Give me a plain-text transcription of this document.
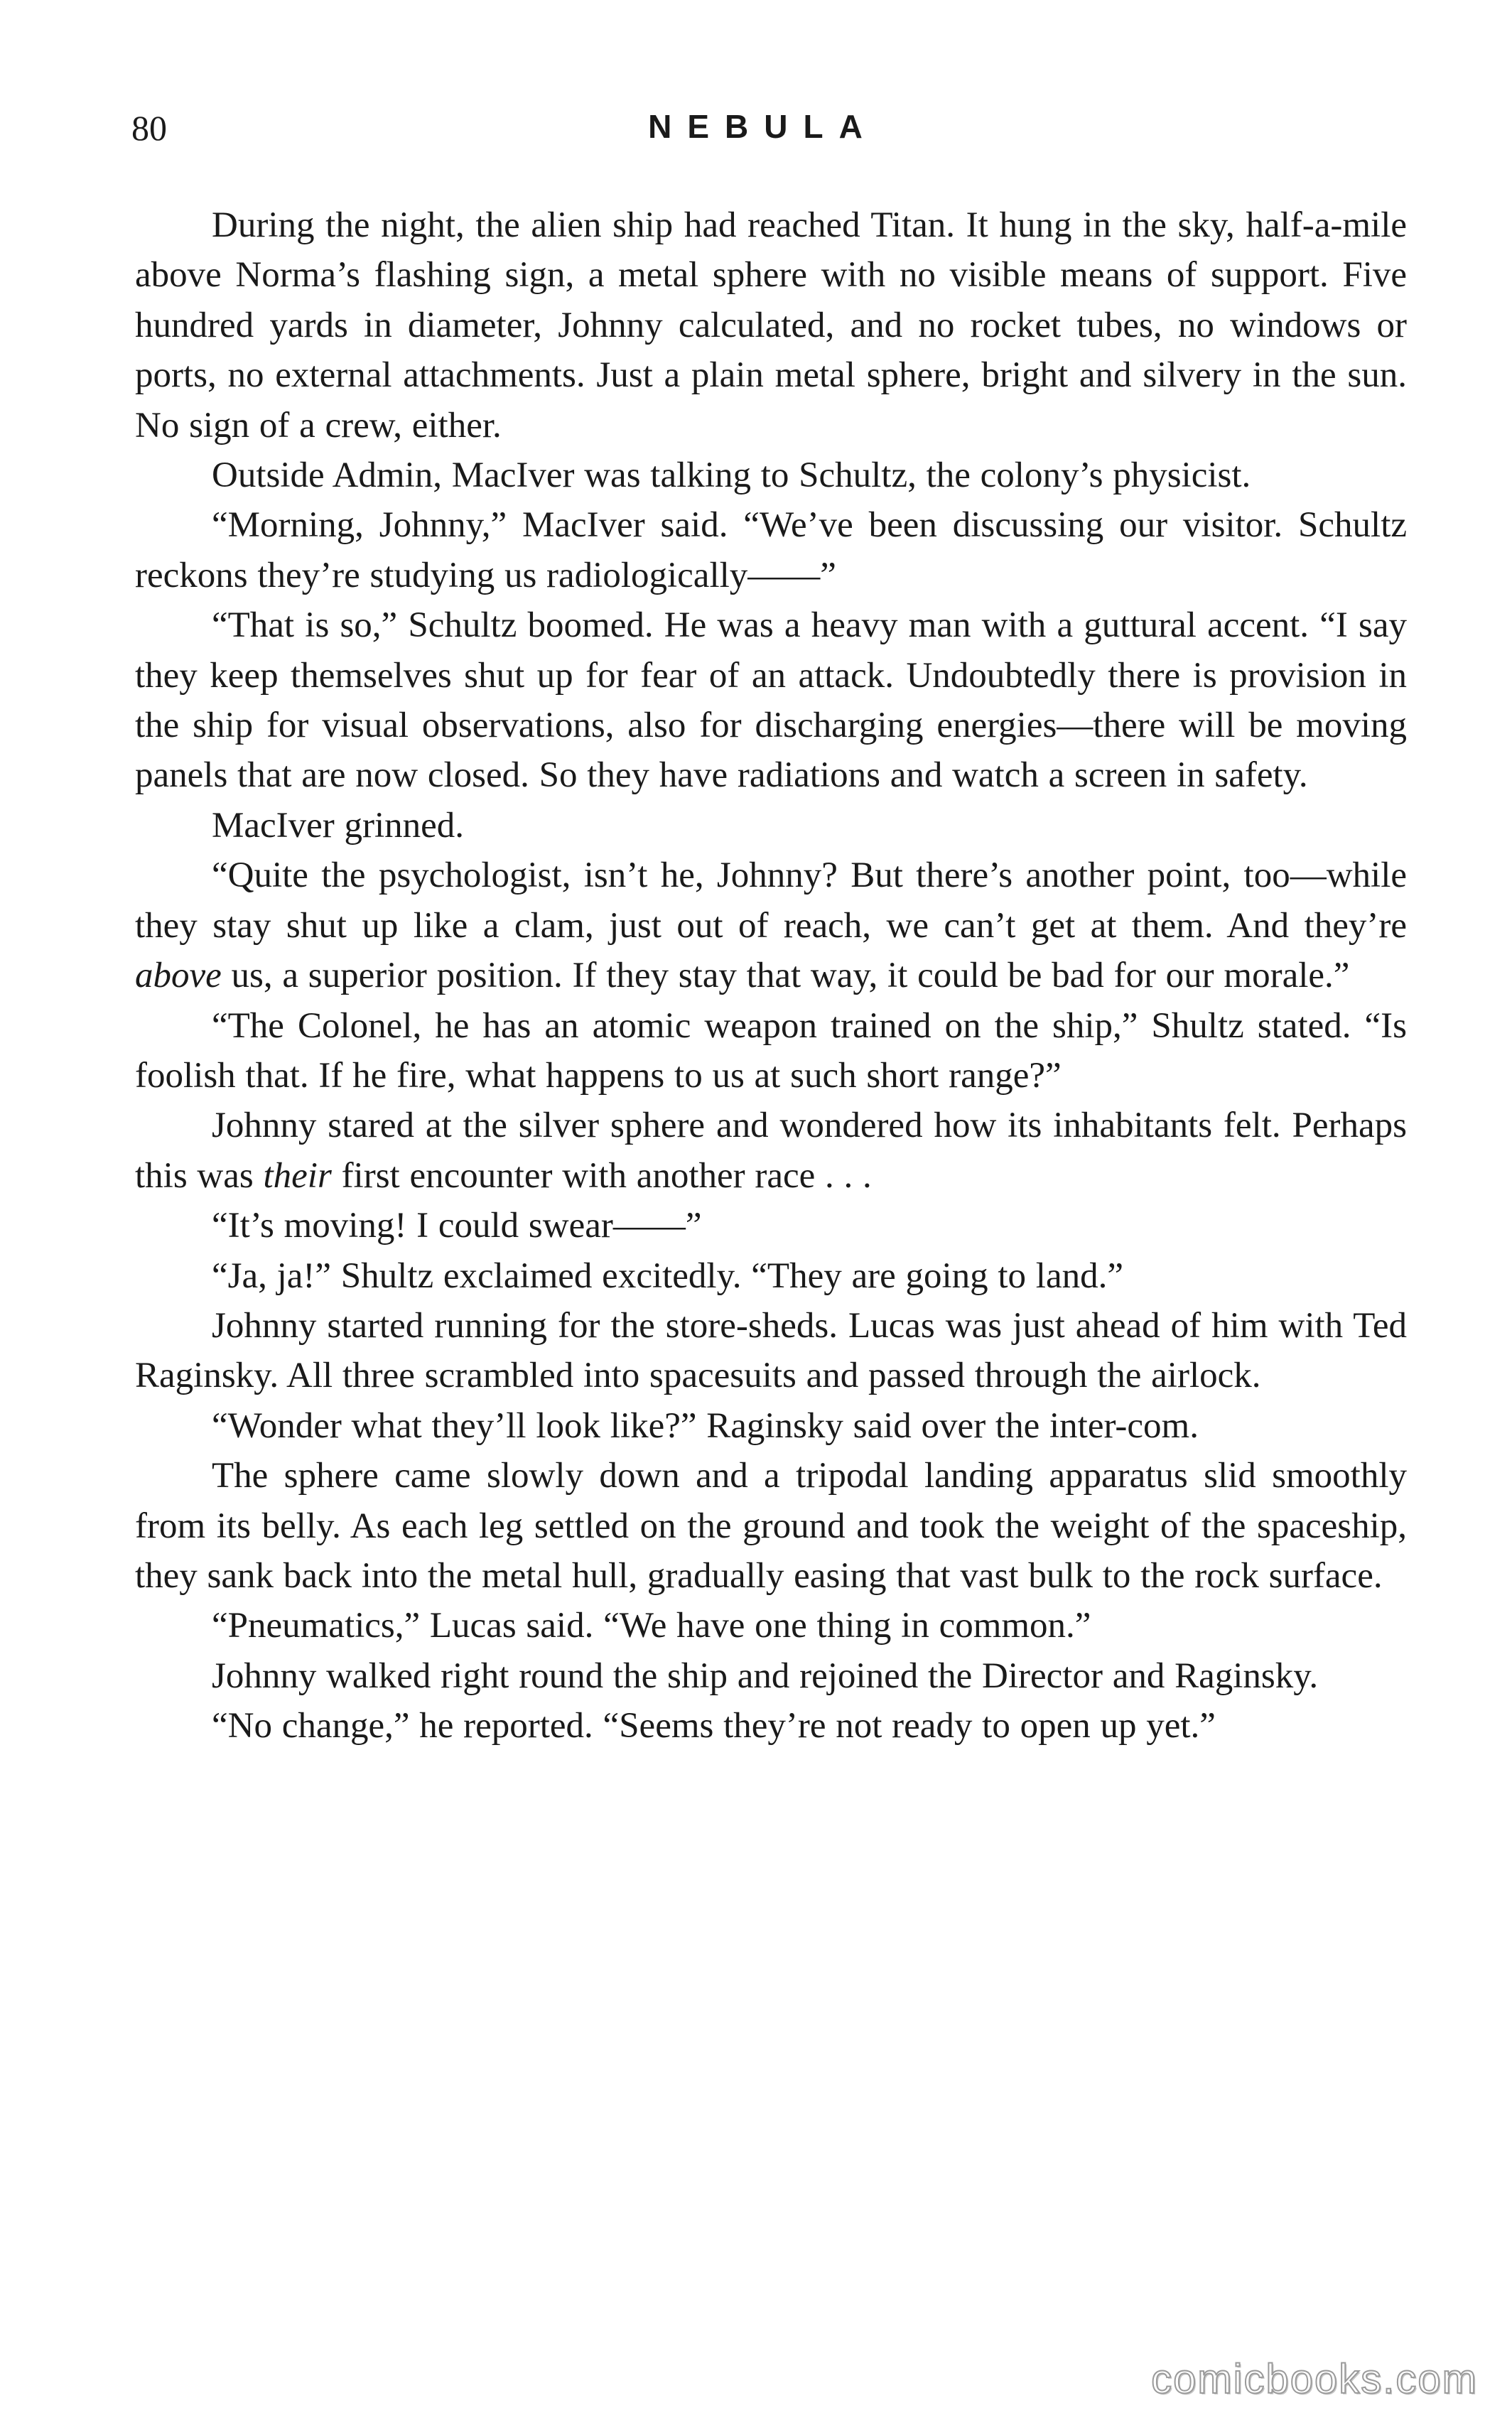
80	NEBULA

During the night, the alien ship had reached Titan. It hung in the sky, half-a-mile above Norma’s flashing sign, a metal sphere with no visible means of support. Five hundred yards in diameter, Johnny calculated, and no rocket tubes, no windows or ports, no external attachments. Just a plain metal sphere, bright and silvery in the sun. No sign of a crew, either.

Outside Admin, MacIver was talking to Schultz, the colony’s physicist.

“Morning, Johnny,” MacIver said. “We’ve been discussing our visitor. Schultz reckons they’re studying us radiologically——”

“That is so,” Schultz boomed. He was a heavy man with a guttural accent. “I say they keep themselves shut up for fear of an attack. Undoubtedly there is provision in the ship for visual observations, also for discharging energies—there will be moving panels that are now closed. So they have radiations and watch a screen in safety.

MacIver grinned.

“Quite the psychologist, isn’t he, Johnny? But there’s another point, too—while they stay shut up like a clam, just out of reach, we can’t get at them. And they’re above us, a superior position. If they stay that way, it could be bad for our morale.”

“The Colonel, he has an atomic weapon trained on the ship,” Shultz stated. “Is foolish that. If he fire, what happens to us at such short range?”

Johnny stared at the silver sphere and wondered how its inhabitants felt. Perhaps this was their first encounter with another race . . .

“It’s moving! I could swear——”

“Ja, ja!” Shultz exclaimed excitedly. “They are going to land.”

Johnny started running for the store-sheds. Lucas was just ahead of him with Ted Raginsky. All three scrambled into spacesuits and passed through the airlock.

“Wonder what they’ll look like?” Raginsky said over the inter-com.

The sphere came slowly down and a tripodal landing apparatus slid smoothly from its belly. As each leg settled on the ground and took the weight of the spaceship, they sank back into the metal hull, gradually easing that vast bulk to the rock surface.

“Pneumatics,” Lucas said. “We have one thing in common.”

Johnny walked right round the ship and rejoined the Director and Raginsky.

“No change,” he reported. “Seems they’re not ready to open up yet.”

comicbooks.com
